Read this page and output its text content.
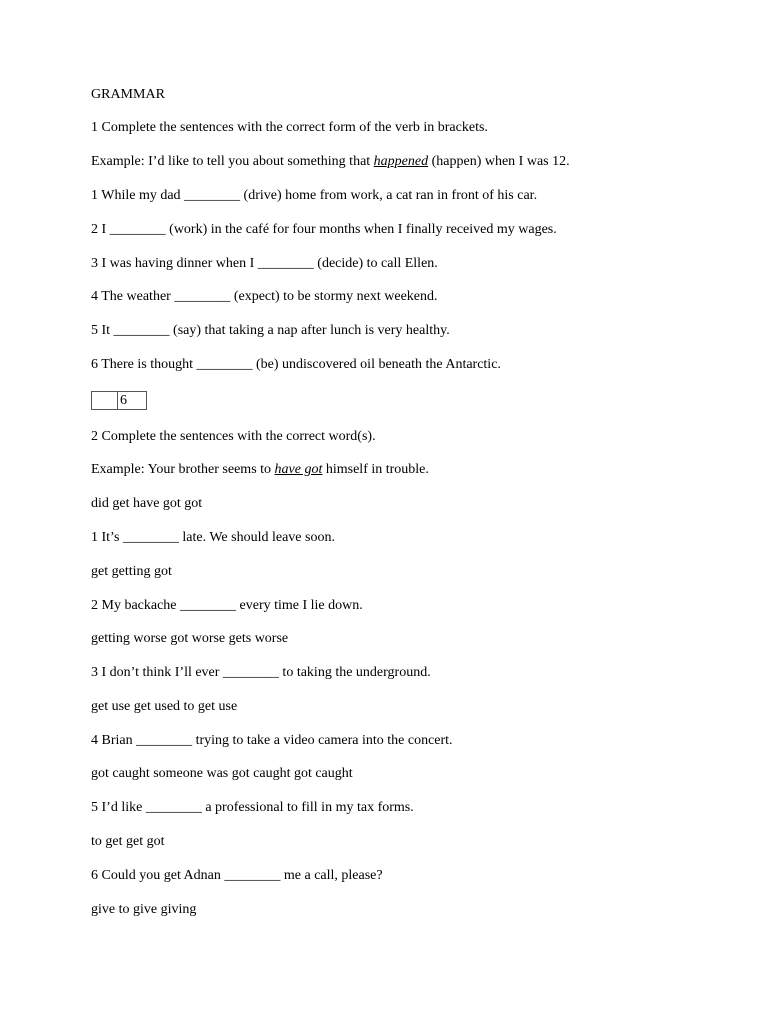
GRAMMAR
1 Complete the sentences with the correct form of the verb in brackets.
Example: I’d like to tell you about something that happened (happen) when I was 12.
1 While my dad ________ (drive) home from work, a cat ran in front of his car.
2 I ________ (work) in the café for four months when I finally received my wages.
3 I was having dinner when I ________ (decide) to call Ellen.
4 The weather ________ (expect) to be stormy next weekend.
5 It ________ (say) that taking a nap after lunch is very healthy.
6 There is thought ________ (be) undiscovered oil beneath the Antarctic.
6
2 Complete the sentences with the correct word(s).
Example: Your brother seems to have got himself in trouble.
did get have got got
1 It’s ________ late. We should leave soon.
get getting got
2 My backache ________ every time I lie down.
getting worse got worse gets worse
3 I don’t think I’ll ever ________ to taking the underground.
get use get used to get use
4 Brian ________ trying to take a video camera into the concert.
got caught someone was got caught got caught
5 I’d like ________ a professional to fill in my tax forms.
to get get got
6 Could you get Adnan ________ me a call, please?
give to give giving
